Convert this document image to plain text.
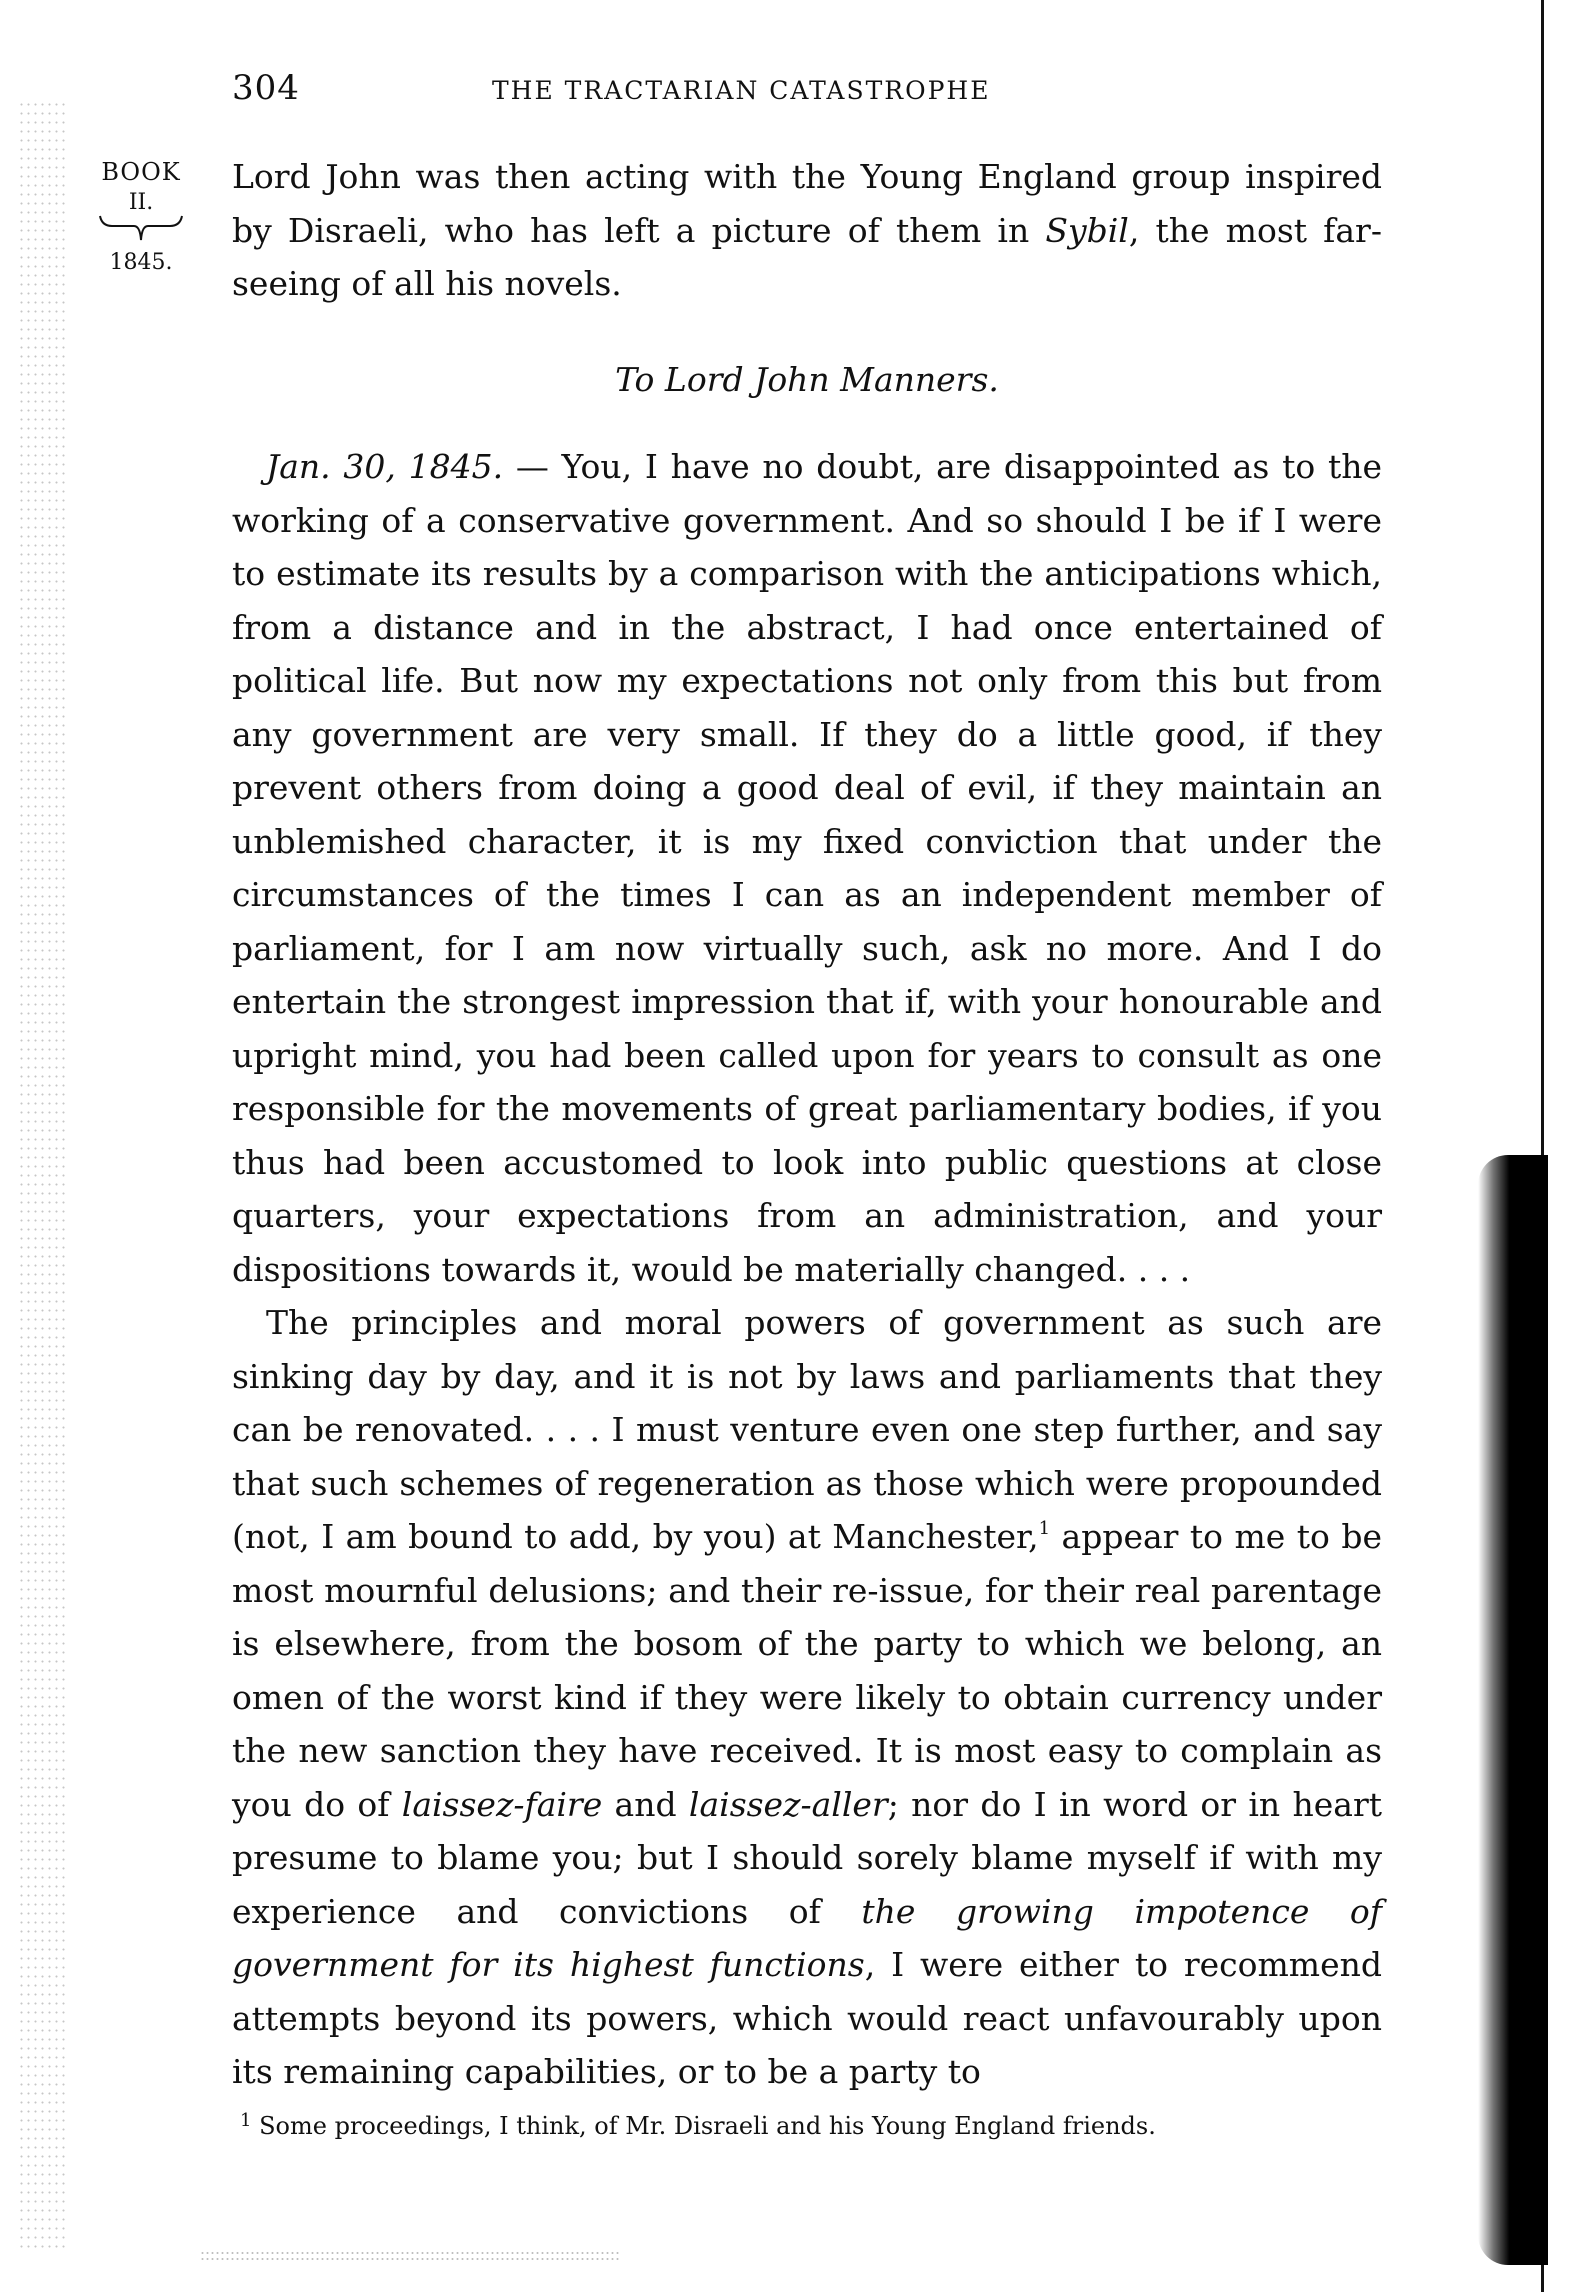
304	THE TRACTARIAN CATASTROPHE
BOOK
II.
1845.
Lord John was then acting with the Young England group inspired by Disraeli, who has left a picture of them in Sybil, the most far-seeing of all his novels.
To Lord John Manners.

Jan. 30, 1845. — You, I have no doubt, are disappointed as to the working of a conservative government. And so should I be if I were to estimate its results by a comparison with the anticipations which, from a distance and in the abstract, I had once entertained of political life. But now my expectations not only from this but from any government are very small. If they do a little good, if they prevent others from doing a good deal of evil, if they maintain an unblemished character, it is my fixed conviction that under the circumstances of the times I can as an independent member of parliament, for I am now virtually such, ask no more. And I do entertain the strongest impression that if, with your honourable and upright mind, you had been called upon for years to consult as one responsible for the movements of great parliamentary bodies, if you thus had been accustomed to look into public questions at close quarters, your expectations from an administration, and your dispositions towards it, would be materially changed. . . .

The principles and moral powers of government as such are sinking day by day, and it is not by laws and parliaments that they can be renovated. . . . I must venture even one step further, and say that such schemes of regeneration as those which were propounded (not, I am bound to add, by you) at Manchester,$^1$ appear to me to be most mournful delusions; and their re-issue, for their real parentage is elsewhere, from the bosom of the party to which we belong, an omen of the worst kind if they were likely to obtain currency under the new sanction they have received. It is most easy to complain as you do of laissez-faire and laissez-aller; nor do I in word or in heart presume to blame you; but I should sorely blame myself if with my experience and convictions of the growing impotence of government for its highest functions, I were either to recommend attempts beyond its powers, which would react unfavourably upon its remaining capabilities, or to be a party to

$^1$ Some proceedings, I think, of Mr. Disraeli and his Young England friends.
